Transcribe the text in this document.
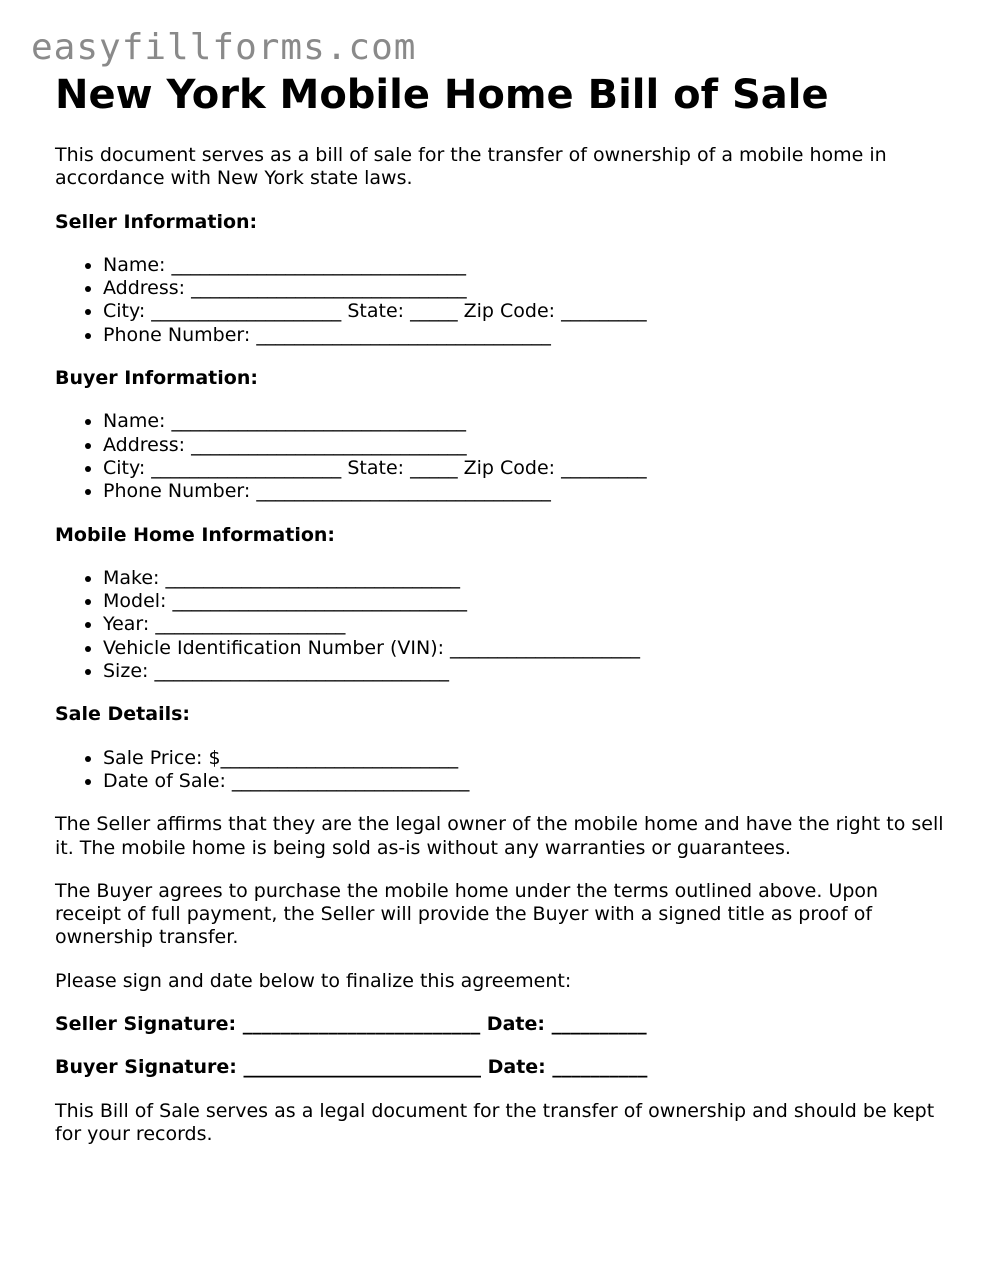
easyfillforms.com
New York Mobile Home Bill of Sale

This document serves as a bill of sale for the transfer of ownership of a mobile home in accordance with New York state laws.

Seller Information:

• Name: _______________________________
• Address: _____________________________
• City: ____________________ State: _____ Zip Code: _________
• Phone Number: _______________________________

Buyer Information:

• Name: _______________________________
• Address: _____________________________
• City: ____________________ State: _____ Zip Code: _________
• Phone Number: _______________________________

Mobile Home Information:

• Make: _______________________________
• Model: _______________________________
• Year: ____________________
• Vehicle Identification Number (VIN): ____________________
• Size: _______________________________

Sale Details:

• Sale Price: $_________________________
• Date of Sale: _________________________

The Seller affirms that they are the legal owner of the mobile home and have the right to sell it. The mobile home is being sold as-is without any warranties or guarantees.

The Buyer agrees to purchase the mobile home under the terms outlined above. Upon receipt of full payment, the Seller will provide the Buyer with a signed title as proof of ownership transfer.

Please sign and date below to finalize this agreement:

Seller Signature: _________________________ Date: __________

Buyer Signature: _________________________ Date: __________

This Bill of Sale serves as a legal document for the transfer of ownership and should be kept for your records.
